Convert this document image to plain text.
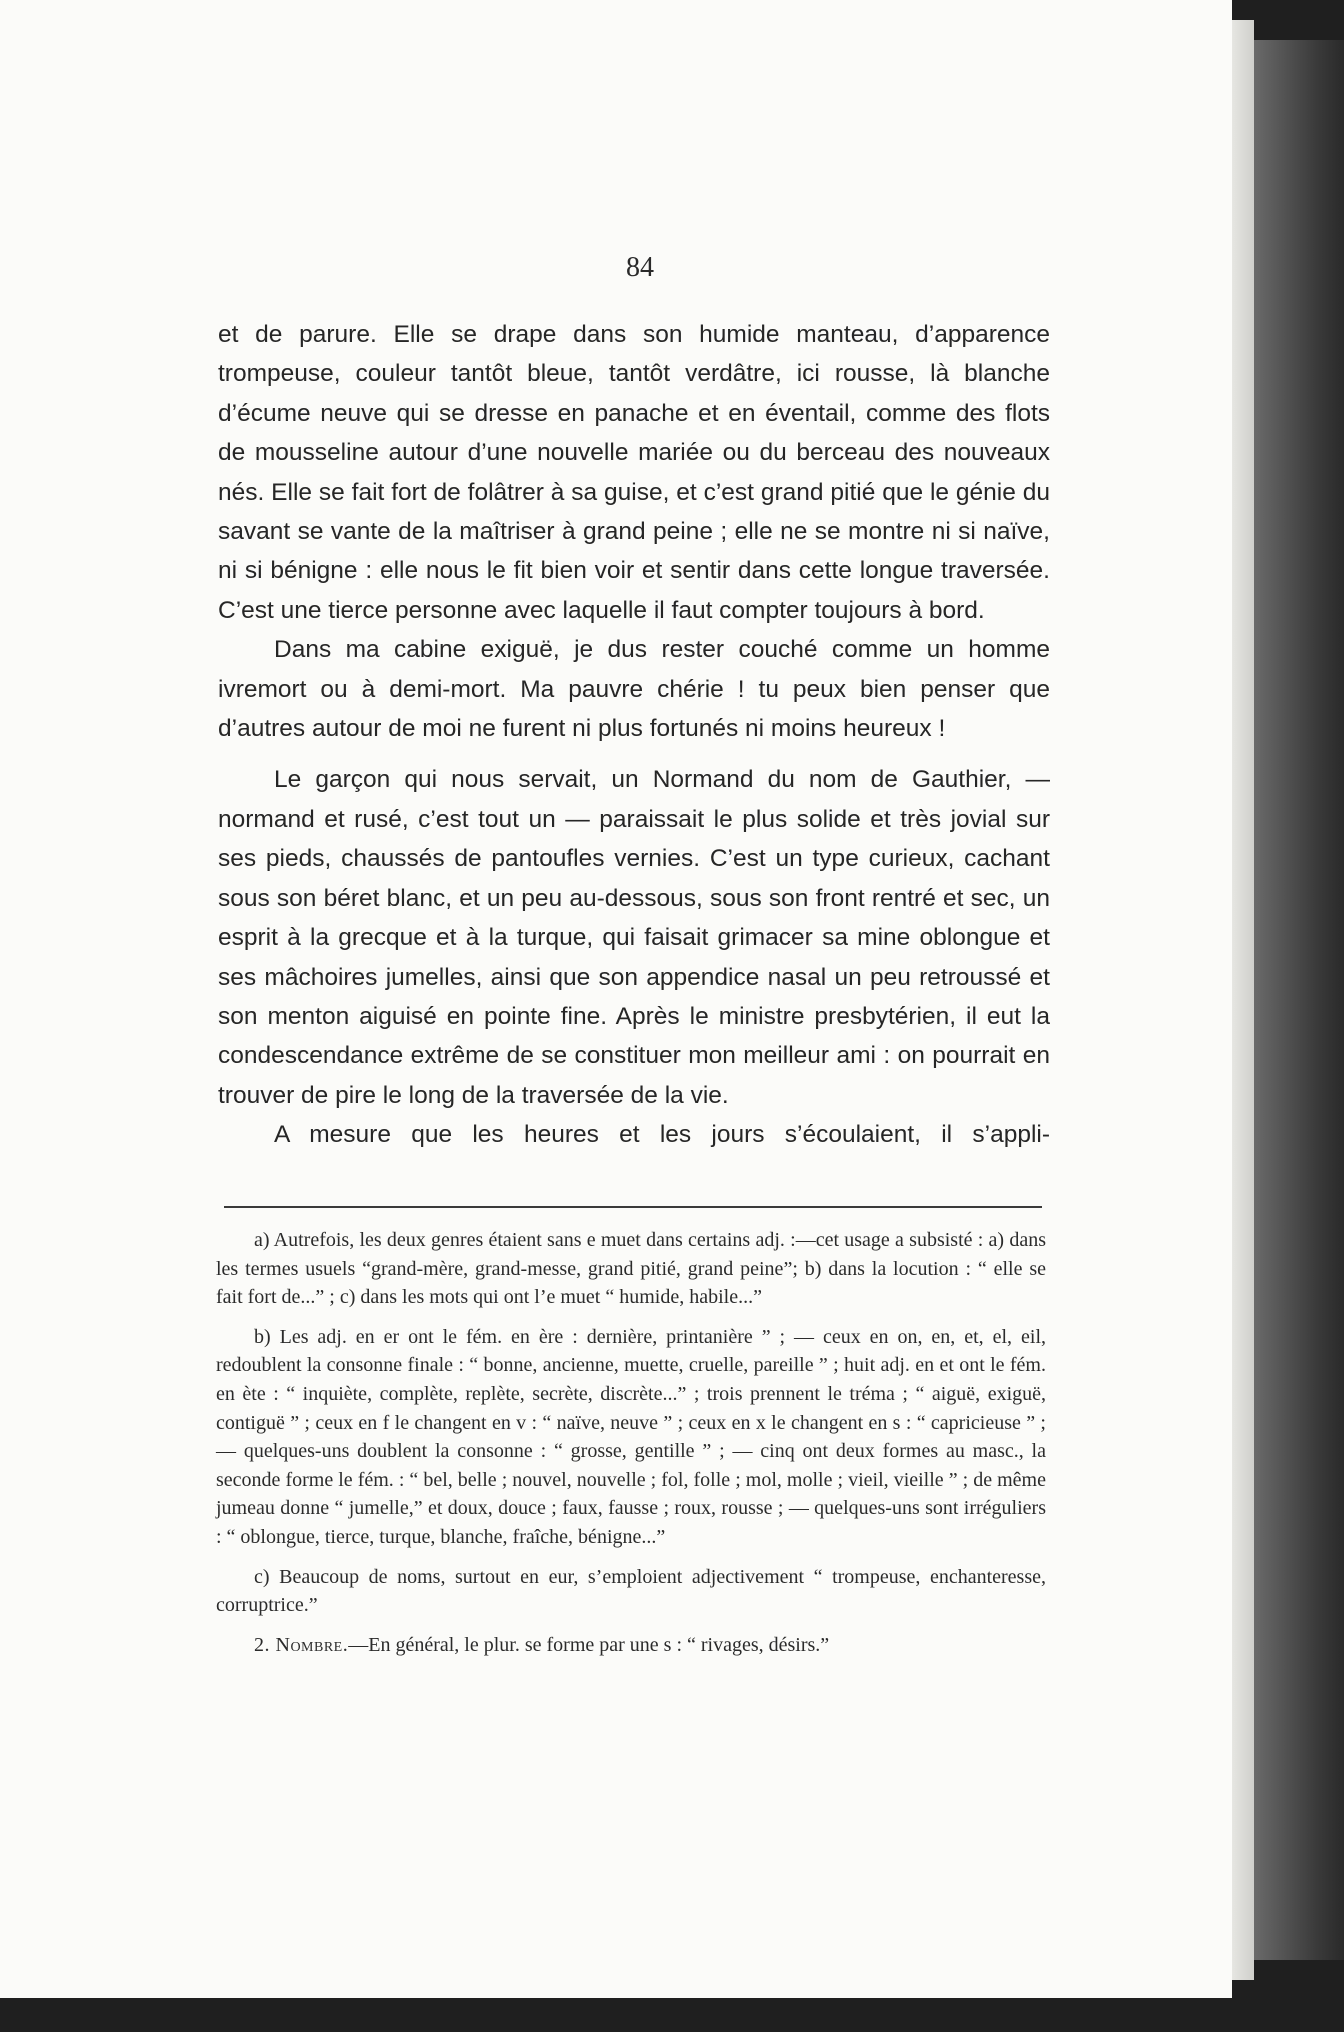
84

et de parure. Elle se drape dans son humide manteau, d’apparence trompeuse, couleur tantôt bleue, tantôt verdâtre, ici rousse, là blanche d’écume neuve qui se dresse en panache et en éventail, comme des flots de mousseline autour d’une nouvelle mariée ou du berceau des nouveaux nés. Elle se fait fort de folâtrer à sa guise, et c’est grand pitié que le génie du savant se vante de la maîtriser à grand peine ; elle ne se montre ni si naïve, ni si bénigne : elle nous le fit bien voir et sentir dans cette longue traversée. C’est une tierce personne avec laquelle il faut compter toujours à bord.

Dans ma cabine exiguë, je dus rester couché comme un homme ivremort ou à demi-mort. Ma pauvre chérie ! tu peux bien penser que d’autres autour de moi ne furent ni plus fortunés ni moins heureux !

Le garçon qui nous servait, un Normand du nom de Gauthier, — normand et rusé, c’est tout un — paraissait le plus solide et très jovial sur ses pieds, chaussés de pantoufles vernies. C’est un type curieux, cachant sous son béret blanc, et un peu au-dessous, sous son front rentré et sec, un esprit à la grecque et à la turque, qui faisait grimacer sa mine oblongue et ses mâchoires jumelles, ainsi que son appendice nasal un peu retroussé et son menton aiguisé en pointe fine. Après le ministre presbytérien, il eut la condescendance extrême de se constituer mon meilleur ami : on pourrait en trouver de pire le long de la traversée de la vie.

A mesure que les heures et les jours s’écoulaient, il s’appli-

a) Autrefois, les deux genres étaient sans e muet dans certains adj. :—cet usage a subsisté : a) dans les termes usuels “grand-mère, grand-messe, grand pitié, grand peine”; b) dans la locution : “ elle se fait fort de...” ; c) dans les mots qui ont l’e muet “ humide, habile...”

b) Les adj. en er ont le fém. en ère : dernière, printanière ” ; — ceux en on, en, et, el, eil, redoublent la consonne finale : “ bonne, ancienne, muette, cruelle, pareille ” ; huit adj. en et ont le fém. en ète : “ inquiète, complète, replète, secrète, discrète...” ; trois prennent le tréma ; “ aiguë, exiguë, contiguë ” ; ceux en f le changent en v : “ naïve, neuve ” ; ceux en x le changent en s : “ capricieuse ” ; — quelques-uns doublent la consonne : “ grosse, gentille ” ; — cinq ont deux formes au masc., la seconde forme le fém. : “ bel, belle ; nouvel, nouvelle ; fol, folle ; mol, molle ; vieil, vieille ” ; de même jumeau donne “ jumelle,” et doux, douce ; faux, fausse ; roux, rousse ; — quelques-uns sont irréguliers : “ oblongue, tierce, turque, blanche, fraîche, bénigne...”

c) Beaucoup de noms, surtout en eur, s’emploient adjectivement “ trompeuse, enchanteresse, corruptrice.”

2. Nombre.—En général, le plur. se forme par une s : “ rivages, désirs.”
